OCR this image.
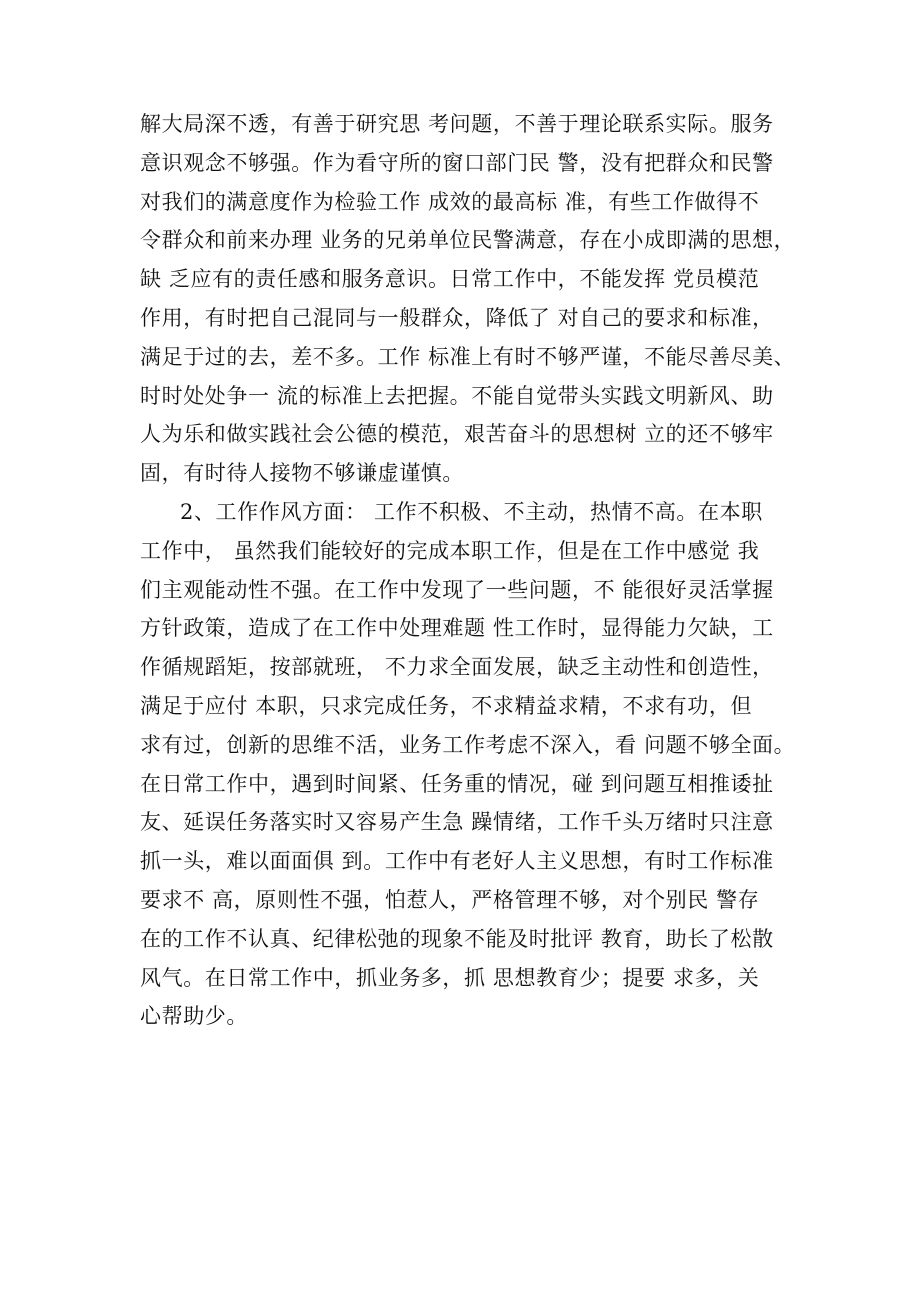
解大局深不透，有善于研究思 考问题，不善于理论联系实际。服务
意识观念不够强。作为看守所的窗口部门民 警，没有把群众和民警
对我们的满意度作为检验工作 成效的最高标 准，有些工作做得不
令群众和前来办理 业务的兄弟单位民警满意，存在小成即满的思想，
缺 乏应有的责任感和服务意识。日常工作中，不能发挥 党员模范
作用，有时把自己混同与一般群众，降低了 对自己的要求和标准，
满足于过的去，差不多。工作 标准上有时不够严谨，不能尽善尽美、
时时处处争一 流的标准上去把握。不能自觉带头实践文明新风、助
人为乐和做实践社会公德的模范，艰苦奋斗的思想树 立的还不够牢
固，有时待人接物不够谦虚谨慎。
2、工作作风方面： 工作不积极、不主动，热情不高。在本职
工作中， 虽然我们能较好的完成本职工作，但是在工作中感觉 我
们主观能动性不强。在工作中发现了一些问题，不 能很好灵活掌握
方针政策，造成了在工作中处理难题 性工作时，显得能力欠缺，工
作循规蹈矩，按部就班， 不力求全面发展，缺乏主动性和创造性，
满足于应付 本职，只求完成任务，不求精益求精，不求有功，但
求有过，创新的思维不活，业务工作考虑不深入，看 问题不够全面。
在日常工作中，遇到时间紧、任务重的情况，碰 到问题互相推诿扯
友、延误任务落实时又容易产生急 躁情绪，工作千头万绪时只注意
抓一头，难以面面俱 到。工作中有老好人主义思想，有时工作标准
要求不 高，原则性不强，怕惹人，严格管理不够，对个别民 警存
在的工作不认真、纪律松弛的现象不能及时批评 教育，助长了松散
风气。在日常工作中，抓业务多，抓 思想教育少；提要 求多，关
心帮助少。
